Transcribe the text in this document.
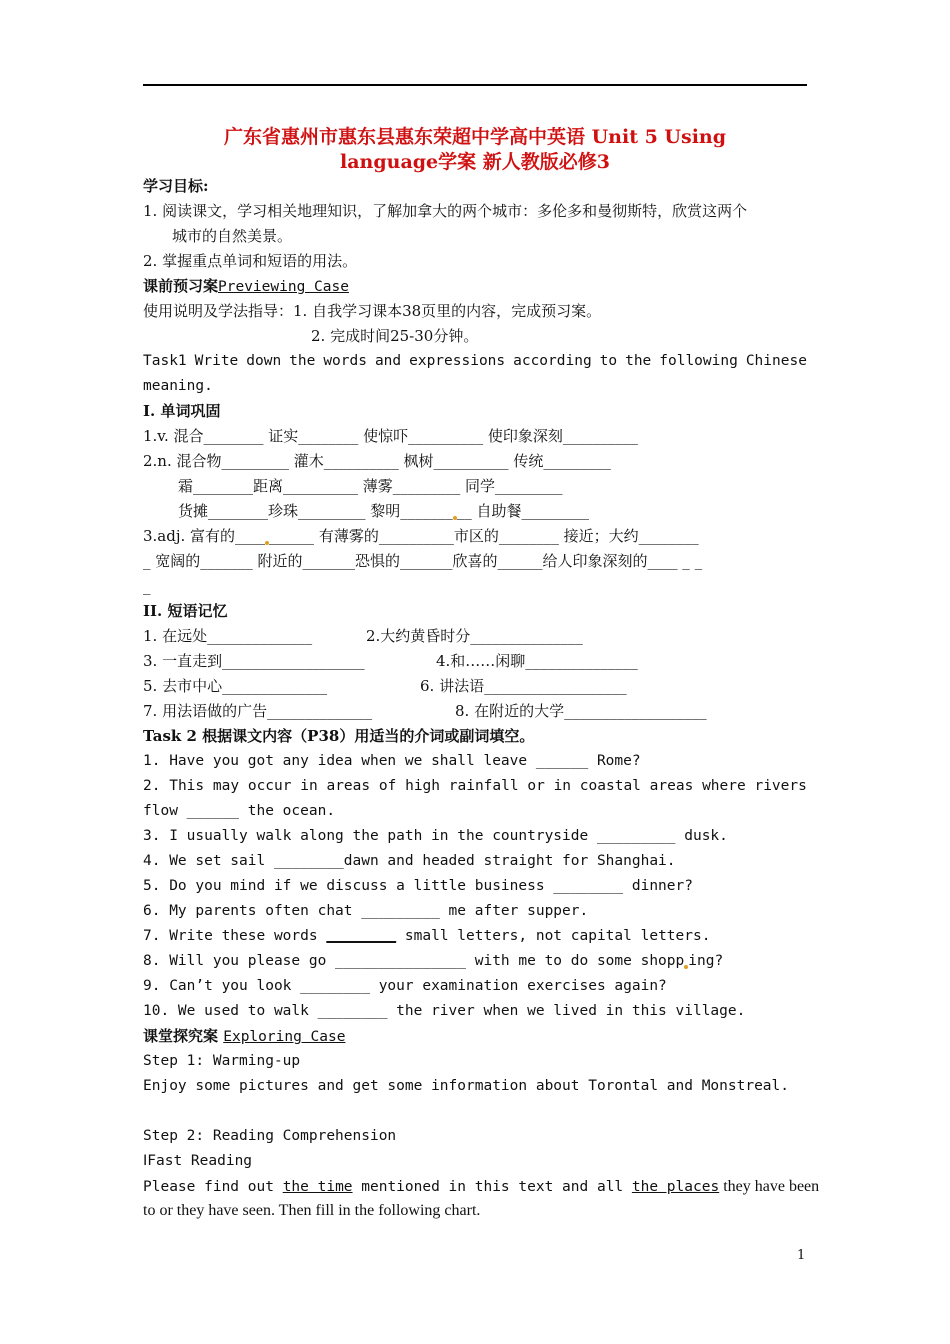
广东省惠州市惠东县惠东荣超中学高中英语 Unit 5 Using
language学案 新人教版必修3
学习目标:
1. 阅读课文，学习相关地理知识，了解加拿大的两个城市：多伦多和曼彻斯特，欣赏这两个
城市的自然美景。
2. 掌握重点单词和短语的用法。
课前预习案Previewing Case
使用说明及学法指导：1. 自我学习课本38页里的内容，完成预习案。
2. 完成时间25-30分钟。
Task1 Write down the words and expressions according to the following Chinese
meaning.
I. 单词巩固
1.v. 混合________ 证实________ 使惊吓__________ 使印象深刻__________
2.n. 混合物_________ 灌木__________ 枫树__________ 传统_________
霜________距离__________ 薄雾_________ 同学_________
货摊________珍珠_________ 黎明_______ __ 自助餐_________
3.adj. 富有的____ ______ 有薄雾的__________市区的________ 接近；大约________
_ 宽阔的_______ 附近的_______恐惧的_______欣喜的______给人印象深刻的____ _ _
_
II. 短语记忆
1. 在远处______________	2.大约黄昏时分_______________
3. 一直走到___________________	4.和……闲聊_______________
5. 去市中心______________	6. 讲法语___________________
7. 用法语做的广告______________	8. 在附近的大学___________________
Task 2 根据课文内容（P38）用适当的介词或副词填空。
1. Have you got any idea when we shall leave ______ Rome?
2. This may occur in areas of high rainfall or in coastal areas where rivers
flow ______ the ocean.
3. I usually walk along the path in the countryside _________ dusk.
4. We set sail ________dawn and headed straight for Shanghai.
5. Do you mind if we discuss a little business ________ dinner?
6. My parents often chat _________ me after supper.
7. Write these words	small letters, not capital letters.
8. Will you please go _______________ with me to do some shopp ing?
9. Can’t you look ________ your examination exercises again?
10. We used to walk ________ the river when we lived in this village.
课堂探究案 Exploring Case
Step 1: Warming-up
Enjoy some pictures and get some information about Torontal and Monstreal.
Step 2: Reading Comprehension
ⅠFast Reading
Please find out the time mentioned in this text and all the places they have been
to or they have seen. Then fill in the following chart.
1
